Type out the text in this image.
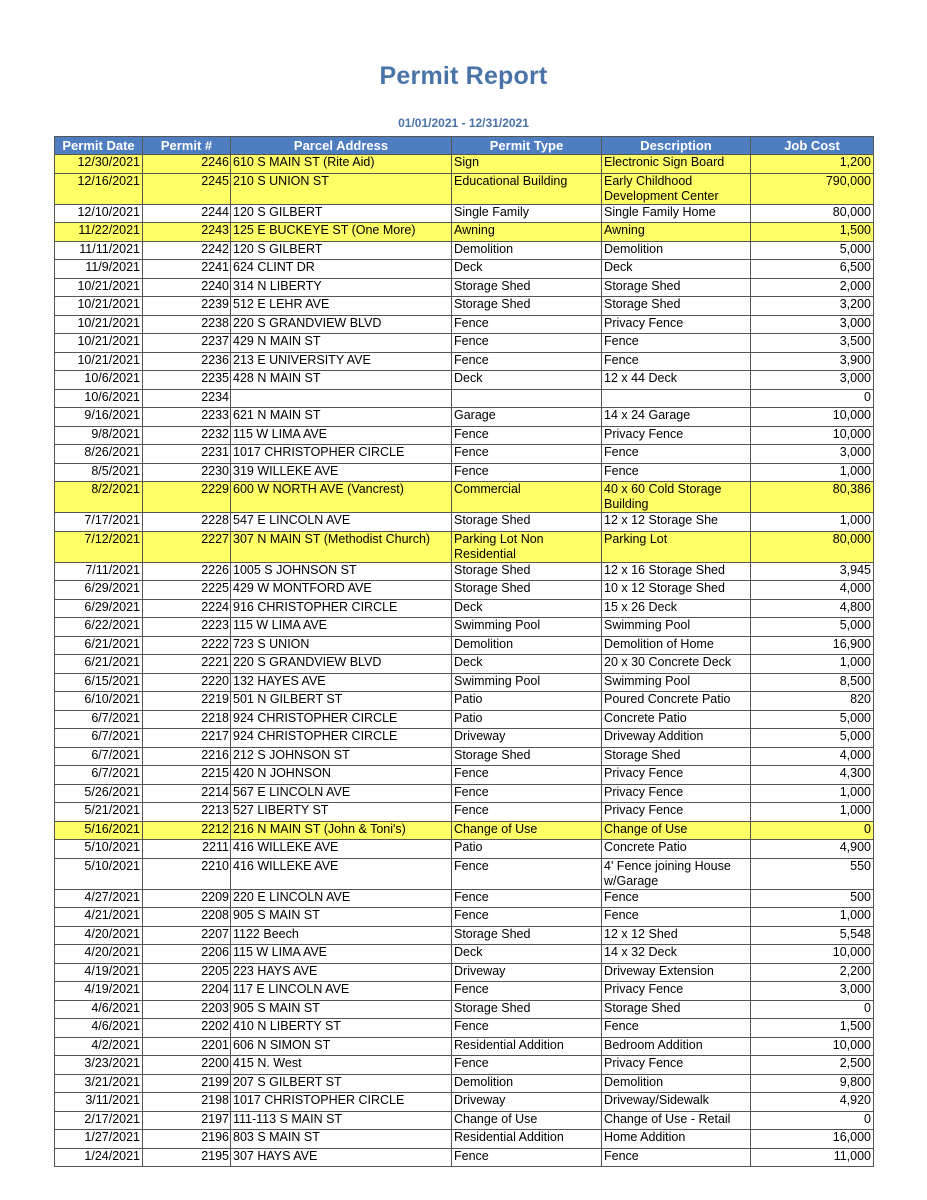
Permit Report
01/01/2021 - 12/31/2021
Permit Date	Permit #	Parcel Address	Permit Type	Description	Job Cost
12/30/2021	2246	610 S MAIN ST (Rite Aid)	Sign	Electronic Sign Board	1,200
12/16/2021	2245	210 S UNION ST	Educational Building	Early Childhood Development Center	790,000
12/10/2021	2244	120 S GILBERT	Single Family	Single Family Home	80,000
11/22/2021	2243	125 E BUCKEYE ST (One More)	Awning	Awning	1,500
11/11/2021	2242	120 S GILBERT	Demolition	Demolition	5,000
11/9/2021	2241	624 CLINT DR	Deck	Deck	6,500
10/21/2021	2240	314 N LIBERTY	Storage Shed	Storage Shed	2,000
10/21/2021	2239	512 E LEHR AVE	Storage Shed	Storage Shed	3,200
10/21/2021	2238	220 S GRANDVIEW BLVD	Fence	Privacy Fence	3,000
10/21/2021	2237	429 N MAIN ST	Fence	Fence	3,500
10/21/2021	2236	213 E UNIVERSITY AVE	Fence	Fence	3,900
10/6/2021	2235	428 N MAIN ST	Deck	12 x 44 Deck	3,000
10/6/2021	2234				0
9/16/2021	2233	621 N MAIN ST	Garage	14 x 24 Garage	10,000
9/8/2021	2232	115 W LIMA AVE	Fence	Privacy Fence	10,000
8/26/2021	2231	1017 CHRISTOPHER CIRCLE	Fence	Fence	3,000
8/5/2021	2230	319 WILLEKE AVE	Fence	Fence	1,000
8/2/2021	2229	600 W NORTH AVE (Vancrest)	Commercial	40 x 60 Cold Storage Building	80,386
7/17/2021	2228	547 E LINCOLN AVE	Storage Shed	12 x 12 Storage She	1,000
7/12/2021	2227	307 N MAIN ST (Methodist Church)	Parking Lot Non Residential	Parking Lot	80,000
7/11/2021	2226	1005 S JOHNSON ST	Storage Shed	12 x 16 Storage Shed	3,945
6/29/2021	2225	429 W MONTFORD AVE	Storage Shed	10 x 12 Storage Shed	4,000
6/29/2021	2224	916 CHRISTOPHER CIRCLE	Deck	15 x 26 Deck	4,800
6/22/2021	2223	115 W LIMA AVE	Swimming Pool	Swimming Pool	5,000
6/21/2021	2222	723 S UNION	Demolition	Demolition of Home	16,900
6/21/2021	2221	220 S GRANDVIEW BLVD	Deck	20 x 30 Concrete Deck	1,000
6/15/2021	2220	132 HAYES AVE	Swimming Pool	Swimming Pool	8,500
6/10/2021	2219	501 N GILBERT ST	Patio	Poured Concrete Patio	820
6/7/2021	2218	924 CHRISTOPHER CIRCLE	Patio	Concrete Patio	5,000
6/7/2021	2217	924 CHRISTOPHER CIRCLE	Driveway	Driveway Addition	5,000
6/7/2021	2216	212 S JOHNSON ST	Storage Shed	Storage Shed	4,000
6/7/2021	2215	420 N JOHNSON	Fence	Privacy Fence	4,300
5/26/2021	2214	567 E LINCOLN AVE	Fence	Privacy Fence	1,000
5/21/2021	2213	527 LIBERTY ST	Fence	Privacy Fence	1,000
5/16/2021	2212	216 N MAIN ST (John & Toni's)	Change of Use	Change of Use	0
5/10/2021	2211	416 WILLEKE AVE	Patio	Concrete Patio	4,900
5/10/2021	2210	416 WILLEKE AVE	Fence	4' Fence joining House w/Garage	550
4/27/2021	2209	220 E LINCOLN AVE	Fence	Fence	500
4/21/2021	2208	905 S MAIN ST	Fence	Fence	1,000
4/20/2021	2207	1122 Beech	Storage Shed	12 x 12 Shed	5,548
4/20/2021	2206	115 W LIMA AVE	Deck	14 x 32 Deck	10,000
4/19/2021	2205	223 HAYS AVE	Driveway	Driveway Extension	2,200
4/19/2021	2204	117 E LINCOLN AVE	Fence	Privacy Fence	3,000
4/6/2021	2203	905 S MAIN ST	Storage Shed	Storage Shed	0
4/6/2021	2202	410 N LIBERTY ST	Fence	Fence	1,500
4/2/2021	2201	606 N SIMON ST	Residential Addition	Bedroom Addition	10,000
3/23/2021	2200	415 N. West	Fence	Privacy Fence	2,500
3/21/2021	2199	207 S GILBERT ST	Demolition	Demolition	9,800
3/11/2021	2198	1017 CHRISTOPHER CIRCLE	Driveway	Driveway/Sidewalk	4,920
2/17/2021	2197	111-113 S MAIN ST	Change of Use	Change of Use - Retail	0
1/27/2021	2196	803 S MAIN ST	Residential Addition	Home Addition	16,000
1/24/2021	2195	307 HAYS AVE	Fence	Fence	11,000
